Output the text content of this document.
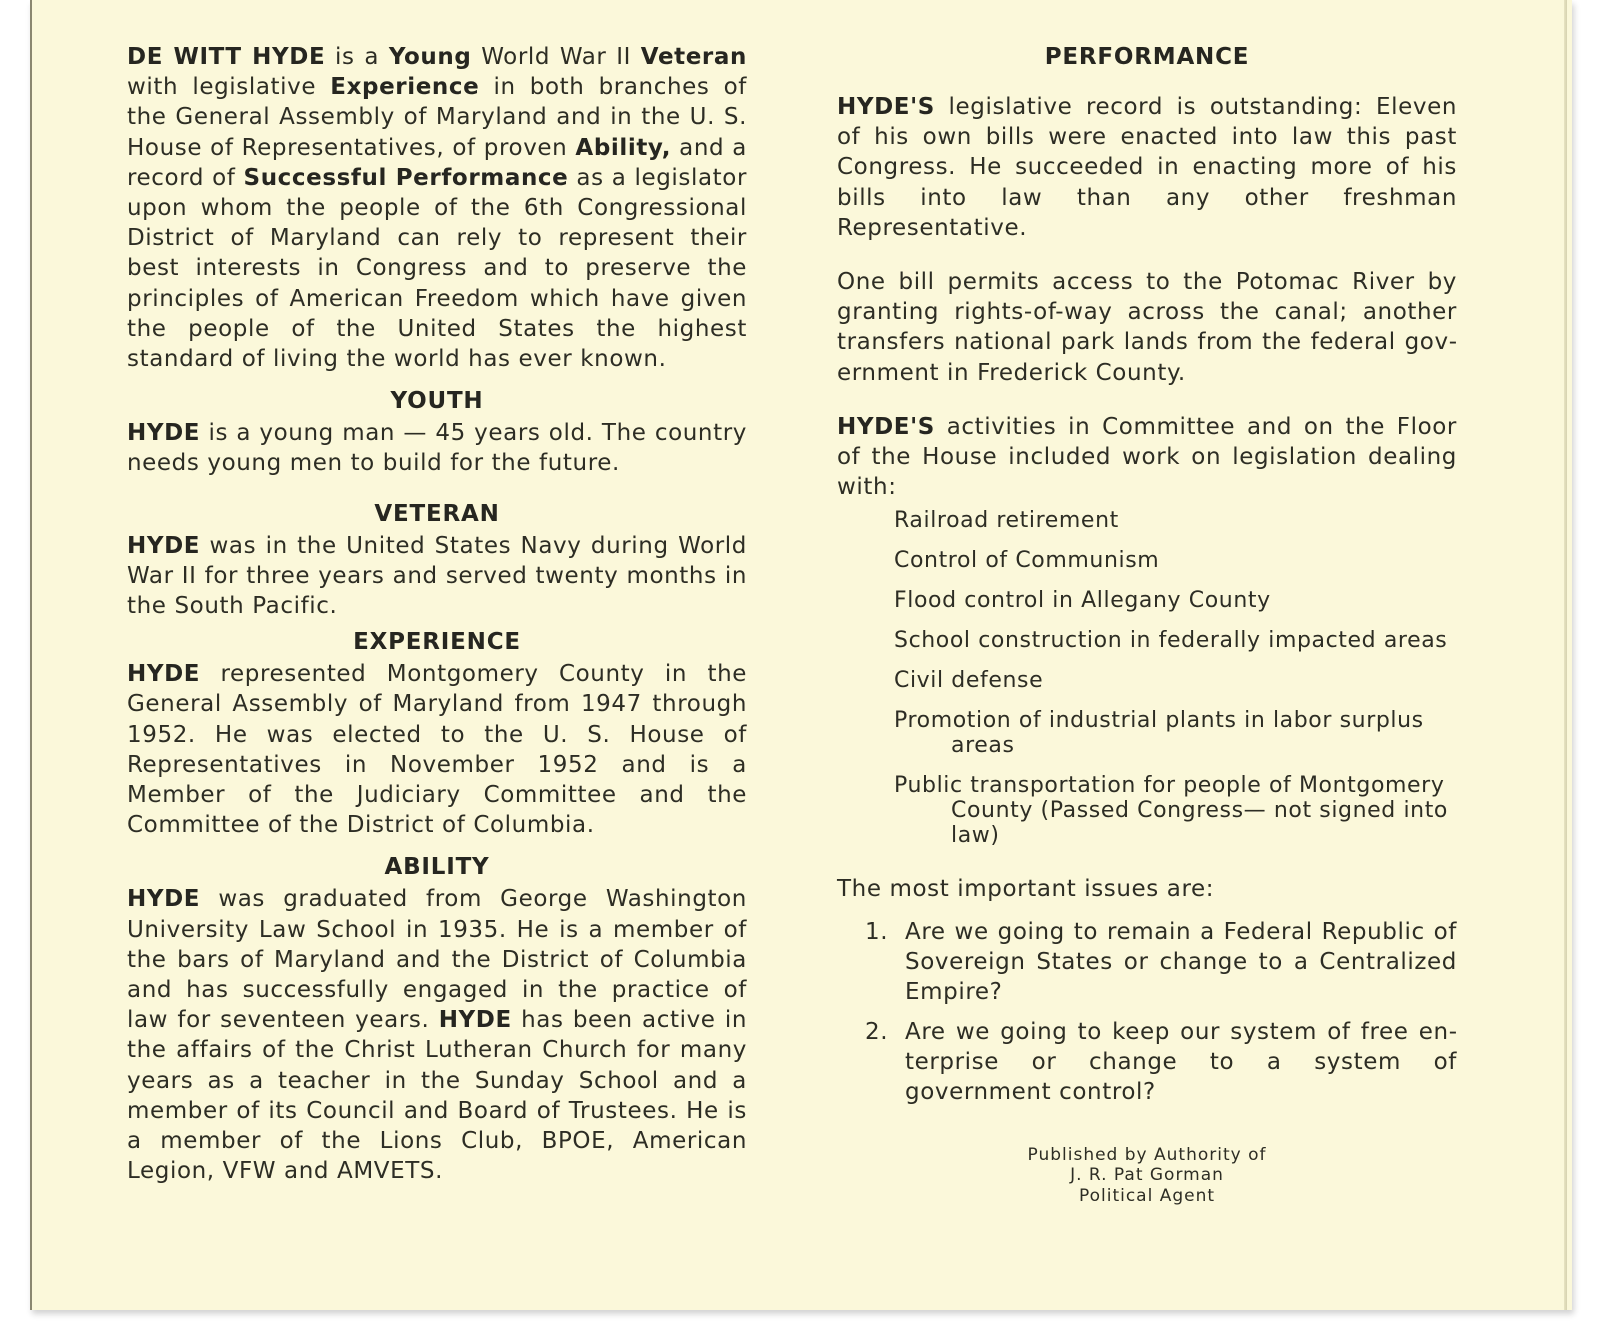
DE WITT HYDE is a Young World War II Veteran with legislative Experience in both branches of the General Assembly of Maryland and in the U. S. House of Representatives, of proven Ability, and a record of Successful Performance as a legislator upon whom the people of the 6th Congressional District of Maryland can rely to represent their best interests in Congress and to preserve the principles of American Freedom which have given the people of the United States the highest standard of living the world has ever known.

YOUTH

HYDE is a young man — 45 years old. The country needs young men to build for the future.

VETERAN

HYDE was in the United States Navy during World War II for three years and served twenty months in the South Pacific.

EXPERIENCE

HYDE represented Montgomery County in the General Assembly of Maryland from 1947 through 1952. He was elected to the U. S. House of Representatives in November 1952 and is a Member of the Judiciary Committee and the Committee of the District of Columbia.

ABILITY

HYDE was graduated from George Washington University Law School in 1935. He is a member of the bars of Maryland and the District of Columbia and has successfully engaged in the practice of law for seventeen years. HYDE has been active in the affairs of the Christ Lutheran Church for many years as a teacher in the Sunday School and a member of its Council and Board of Trustees. He is a member of the Lions Club, BPOE, American Legion, VFW and AMVETS.

PERFORMANCE

HYDE'S legislative record is outstanding: Eleven of his own bills were enacted into law this past Congress. He succeeded in enacting more of his bills into law than any other freshman Representative.

One bill permits access to the Potomac River by granting rights-of-way across the canal; another transfers national park lands from the federal government in Frederick County.

HYDE'S activities in Committee and on the Floor of the House included work on legislation dealing with:

Railroad retirement
Control of Communism
Flood control in Allegany County
School construction in federally impacted areas
Civil defense
Promotion of industrial plants in labor surplus areas
Public transportation for people of Montgomery County (Passed Congress— not signed into law)

The most important issues are:

1. Are we going to remain a Federal Republic of Sovereign States or change to a Centralized Empire?
2. Are we going to keep our system of free enterprise or change to a system of government control?
Published by Authority of
J. R. Pat Gorman
Political Agent
